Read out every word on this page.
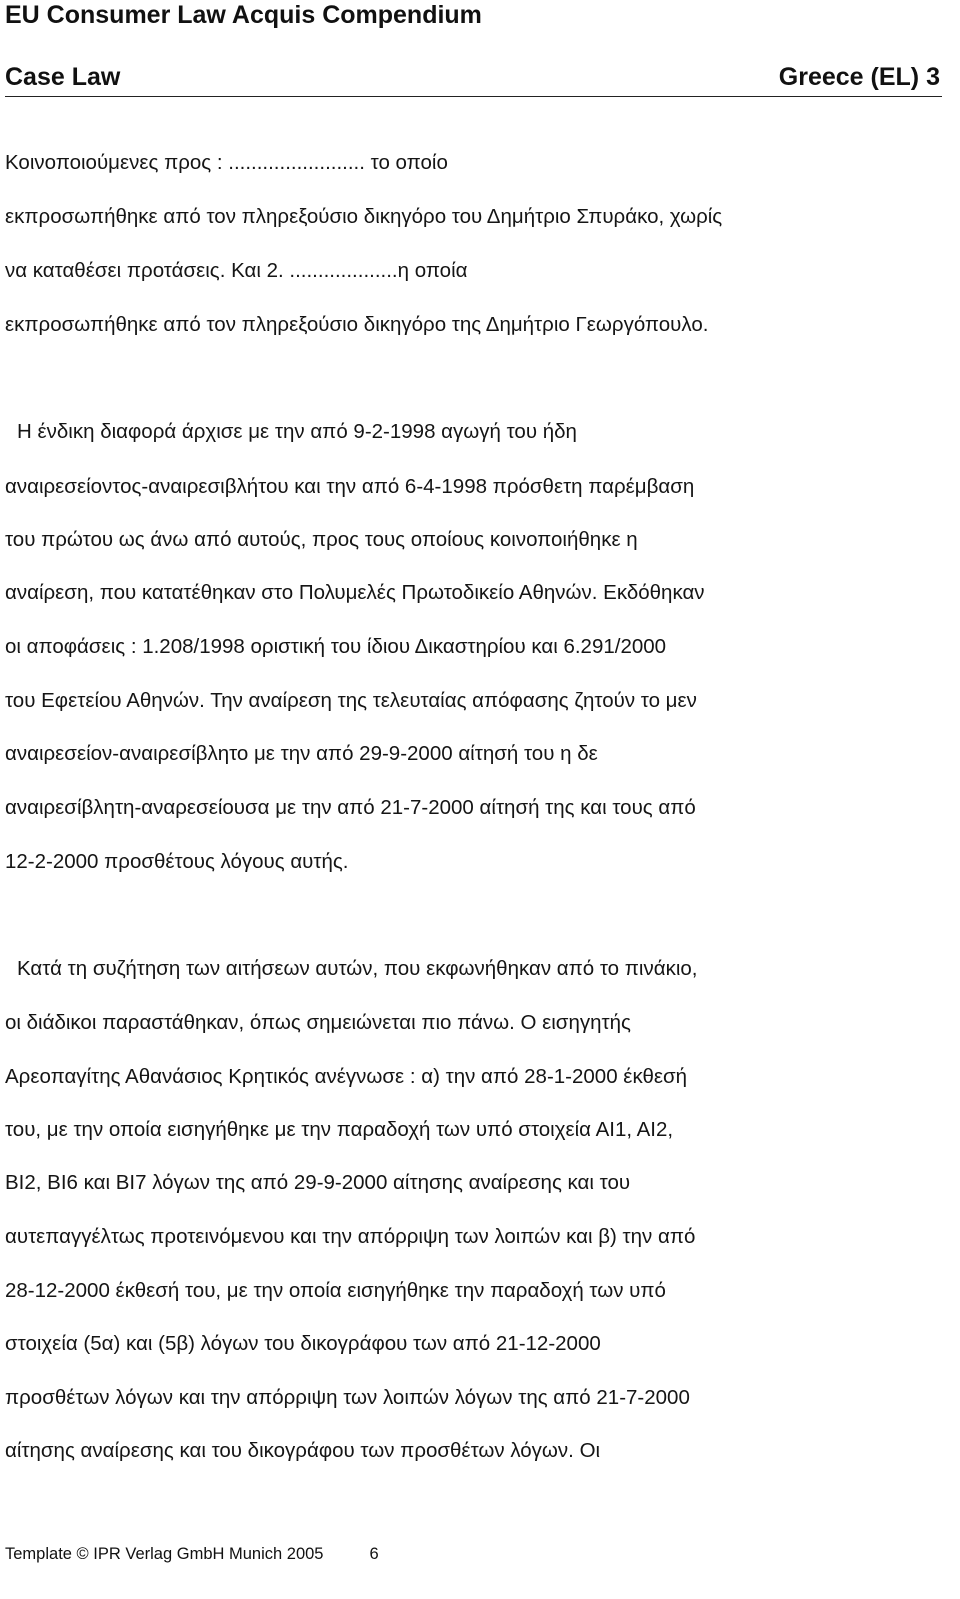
EU Consumer Law Acquis Compendium
Case Law	Greece (EL) 3
Κοινοποιούμενες προς : ........................ το οποίο
εκπροσωπήθηκε από τον πληρεξούσιο δικηγόρο του Δημήτριο Σπυράκο, χωρίς
να καταθέσει προτάσεις. Και 2. ...................η οποία
εκπροσωπήθηκε από τον πληρεξούσιο δικηγόρο της Δημήτριο Γεωργόπουλο.
Η ένδικη διαφορά άρχισε με την από 9-2-1998 αγωγή του ήδη
αναιρεσείοντος-αναιρεσιβλήτου και την από 6-4-1998 πρόσθετη παρέμβαση
του πρώτου ως άνω από αυτούς, προς τους οποίους κοινοποιήθηκε η
αναίρεση, που κατατέθηκαν στο Πολυμελές Πρωτοδικείο Αθηνών. Εκδόθηκαν
οι αποφάσεις : 1.208/1998 οριστική του ίδιου Δικαστηρίου και 6.291/2000
του Εφετείου Αθηνών. Την αναίρεση της τελευταίας απόφασης ζητούν το μεν
αναιρεσείον-αναιρεσίβλητο με την από 29-9-2000 αίτησή του η δε
αναιρεσίβλητη-αναρεσείουσα με την από 21-7-2000 αίτησή της και τους από
12-2-2000 προσθέτους λόγους αυτής.
Κατά τη συζήτηση των αιτήσεων αυτών, που εκφωνήθηκαν από το πινάκιο,
οι διάδικοι παραστάθηκαν, όπως σημειώνεται πιο πάνω. Ο εισηγητής
Αρεοπαγίτης Αθανάσιος Κρητικός ανέγνωσε : α) την από 28-1-2000 έκθεσή
του, με την οποία εισηγήθηκε με την παραδοχή των υπό στοιχεία ΑΙ1, ΑΙ2,
ΒΙ2, ΒΙ6 και ΒΙ7 λόγων της από 29-9-2000 αίτησης αναίρεσης και του
αυτεπαγγέλτως προτεινόμενου και την απόρριψη των λοιπών και β) την από
28-12-2000 έκθεσή του, με την οποία εισηγήθηκε την παραδοχή των υπό
στοιχεία (5α) και (5β) λόγων του δικογράφου των από 21-12-2000
προσθέτων λόγων και την απόρριψη των λοιπών λόγων της από 21-7-2000
αίτησης αναίρεσης και του δικογράφου των προσθέτων λόγων. Οι
Template © IPR Verlag GmbH Munich 2005	6
